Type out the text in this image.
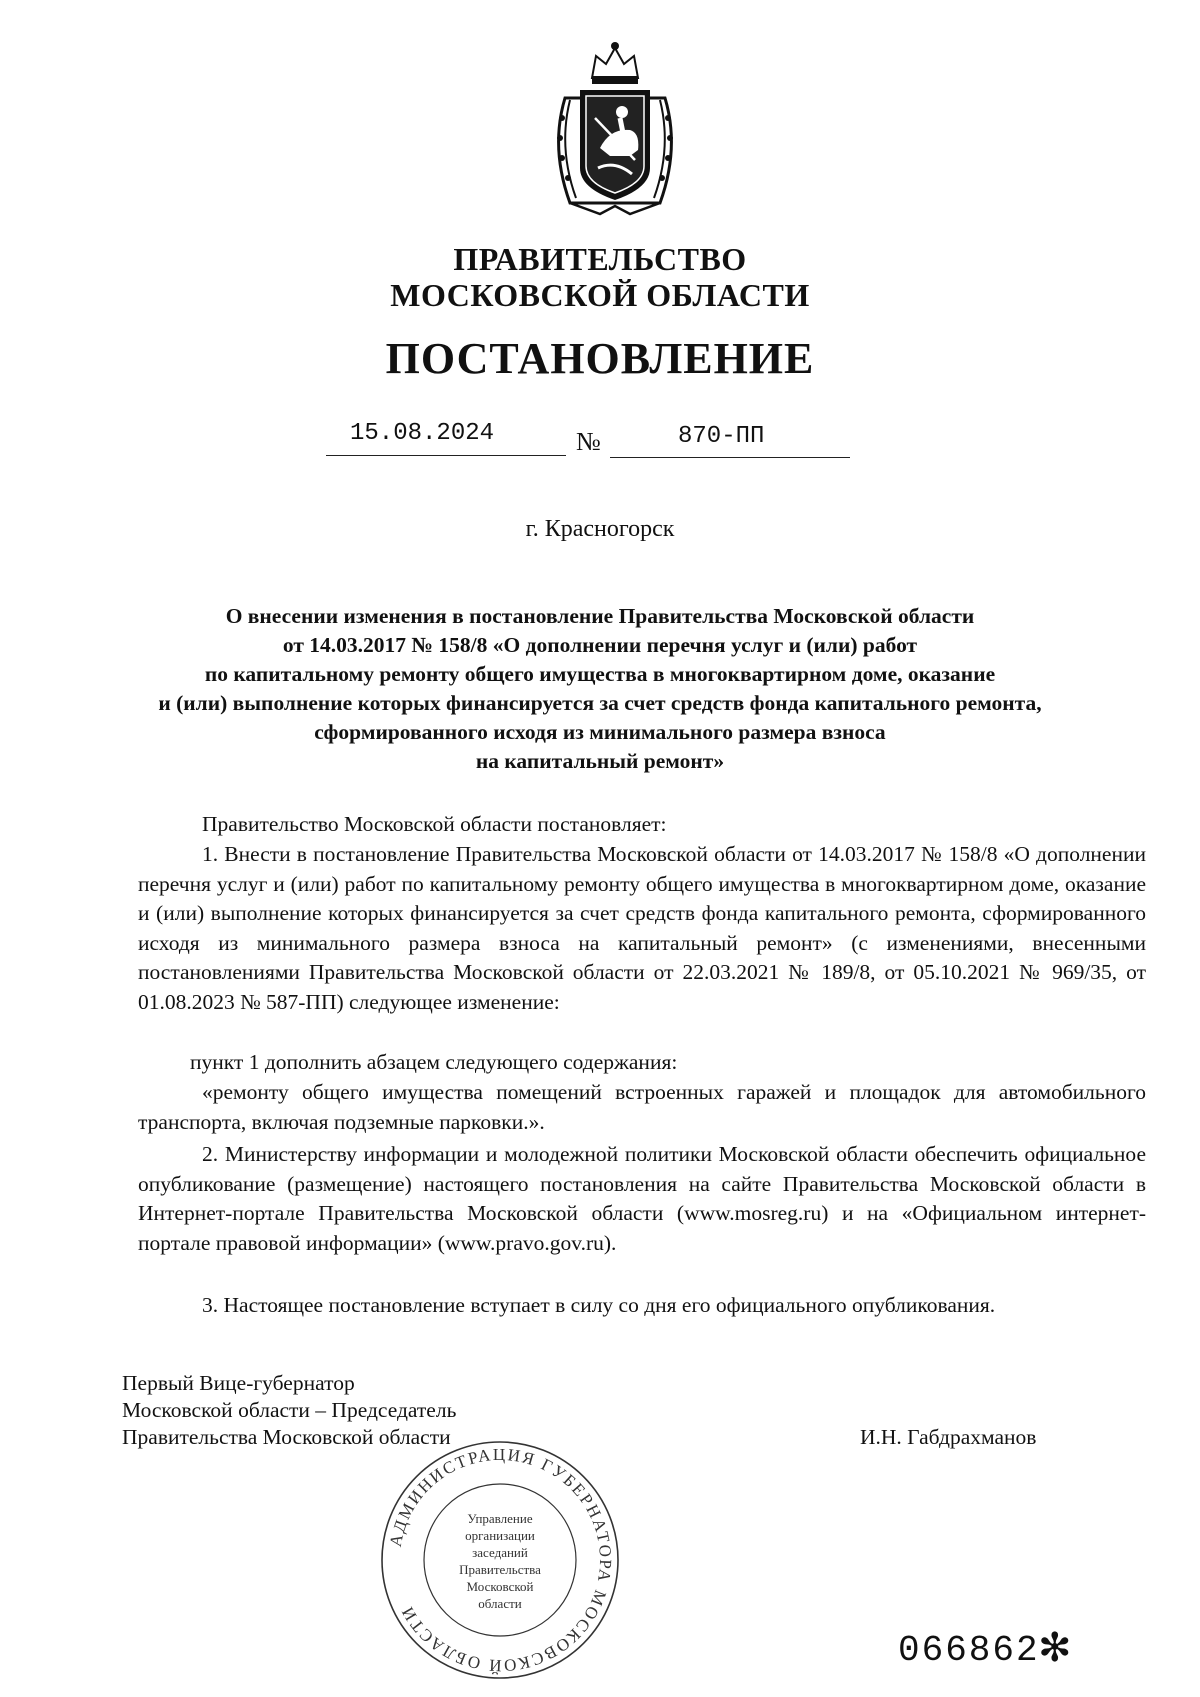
ПРАВИТЕЛЬСТВО
МОСКОВСКОЙ ОБЛАСТИ
ПОСТАНОВЛЕНИЕ
15.08.2024	№	870-ПП
г. Красногорск
О внесении изменения в постановление Правительства Московской области
от 14.03.2017 № 158/8 «О дополнении перечня услуг и (или) работ
по капитальному ремонту общего имущества в многоквартирном доме, оказание
и (или) выполнение которых финансируется за счет средств фонда капитального ремонта,
сформированного исходя из минимального размера взноса
на капитальный ремонт»
Правительство Московской области постановляет:
1. Внести в постановление Правительства Московской области от 14.03.2017 № 158/8 «О дополнении перечня услуг и (или) работ по капитальному ремонту общего имущества в многоквартирном доме, оказание и (или) выполнение которых финансируется за счет средств фонда капитального ремонта, сформированного исходя из минимального размера взноса на капитальный ремонт» (с изменениями, внесенными постановлениями Правительства Московской области от 22.03.2021 № 189/8, от 05.10.2021 № 969/35, от 01.08.2023 № 587-ПП) следующее изменение:
пункт 1 дополнить абзацем следующего содержания:
«ремонту общего имущества помещений встроенных гаражей и площадок для автомобильного транспорта, включая подземные парковки.».
2. Министерству информации и молодежной политики Московской области обеспечить официальное опубликование (размещение) настоящего постановления на сайте Правительства Московской области в Интернет-портале Правительства Московской области (www.mosreg.ru) и на «Официальном интернет-портале правовой информации» (www.pravo.gov.ru).
3. Настоящее постановление вступает в силу со дня его официального опубликования.
Первый Вице-губернатор
Московской области – Председатель
Правительства Московской области	И.Н. Габдрахманов
АДМИНИСТРАЦИЯ ГУБЕРНАТОРА МОСКОВСКОЙ ОБЛАСТИ
Управление
организации
заседаний
Правительства
Московской
области
066862
✻
